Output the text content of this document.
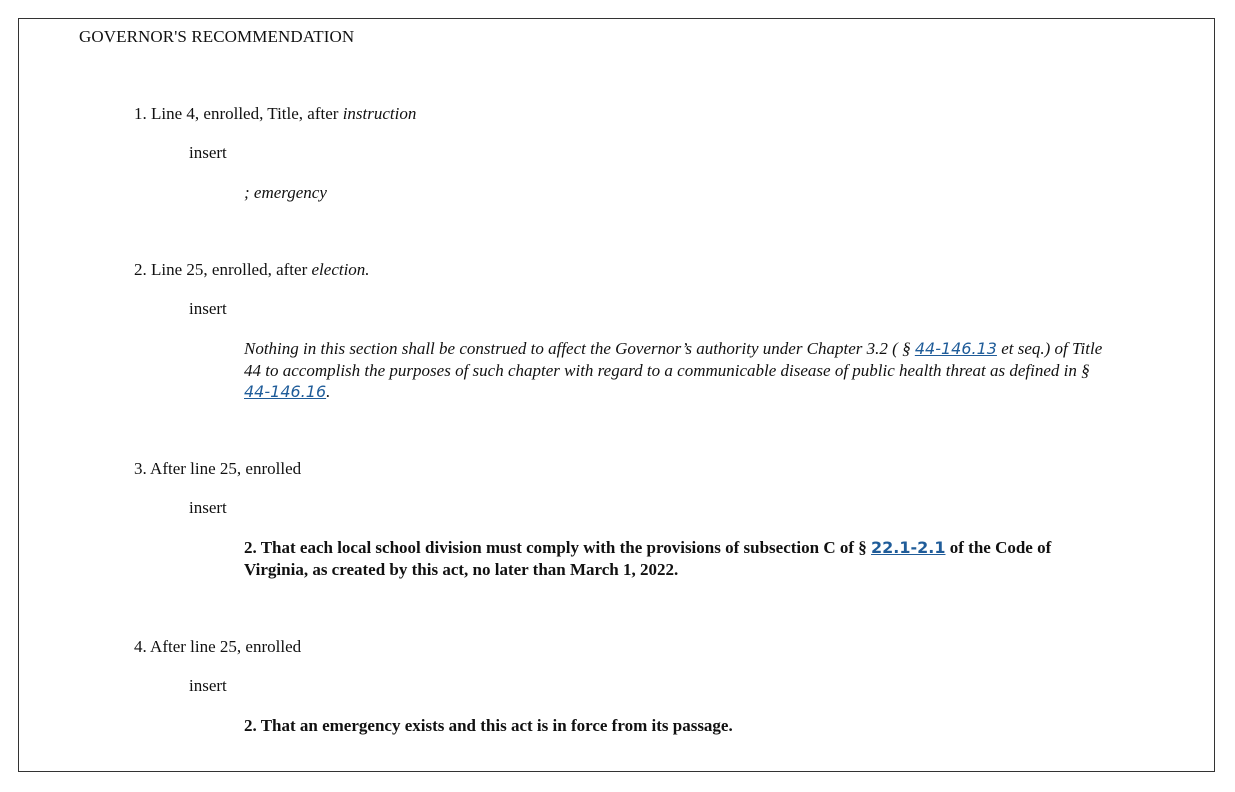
GOVERNOR'S RECOMMENDATION
1. Line 4, enrolled, Title, after instruction
insert
; emergency
2. Line 25, enrolled, after election.
insert
Nothing in this section shall be construed to affect the Governor’s authority under Chapter 3.2 ( § 44-146.13 et seq.) of Title 44 to accomplish the purposes of such chapter with regard to a communicable disease of public health threat as defined in § 44-146.16.
3. After line 25, enrolled
insert
2. That each local school division must comply with the provisions of subsection C of § 22.1-2.1 of the Code of Virginia, as created by this act, no later than March 1, 2022.
4. After line 25, enrolled
insert
2. That an emergency exists and this act is in force from its passage.
